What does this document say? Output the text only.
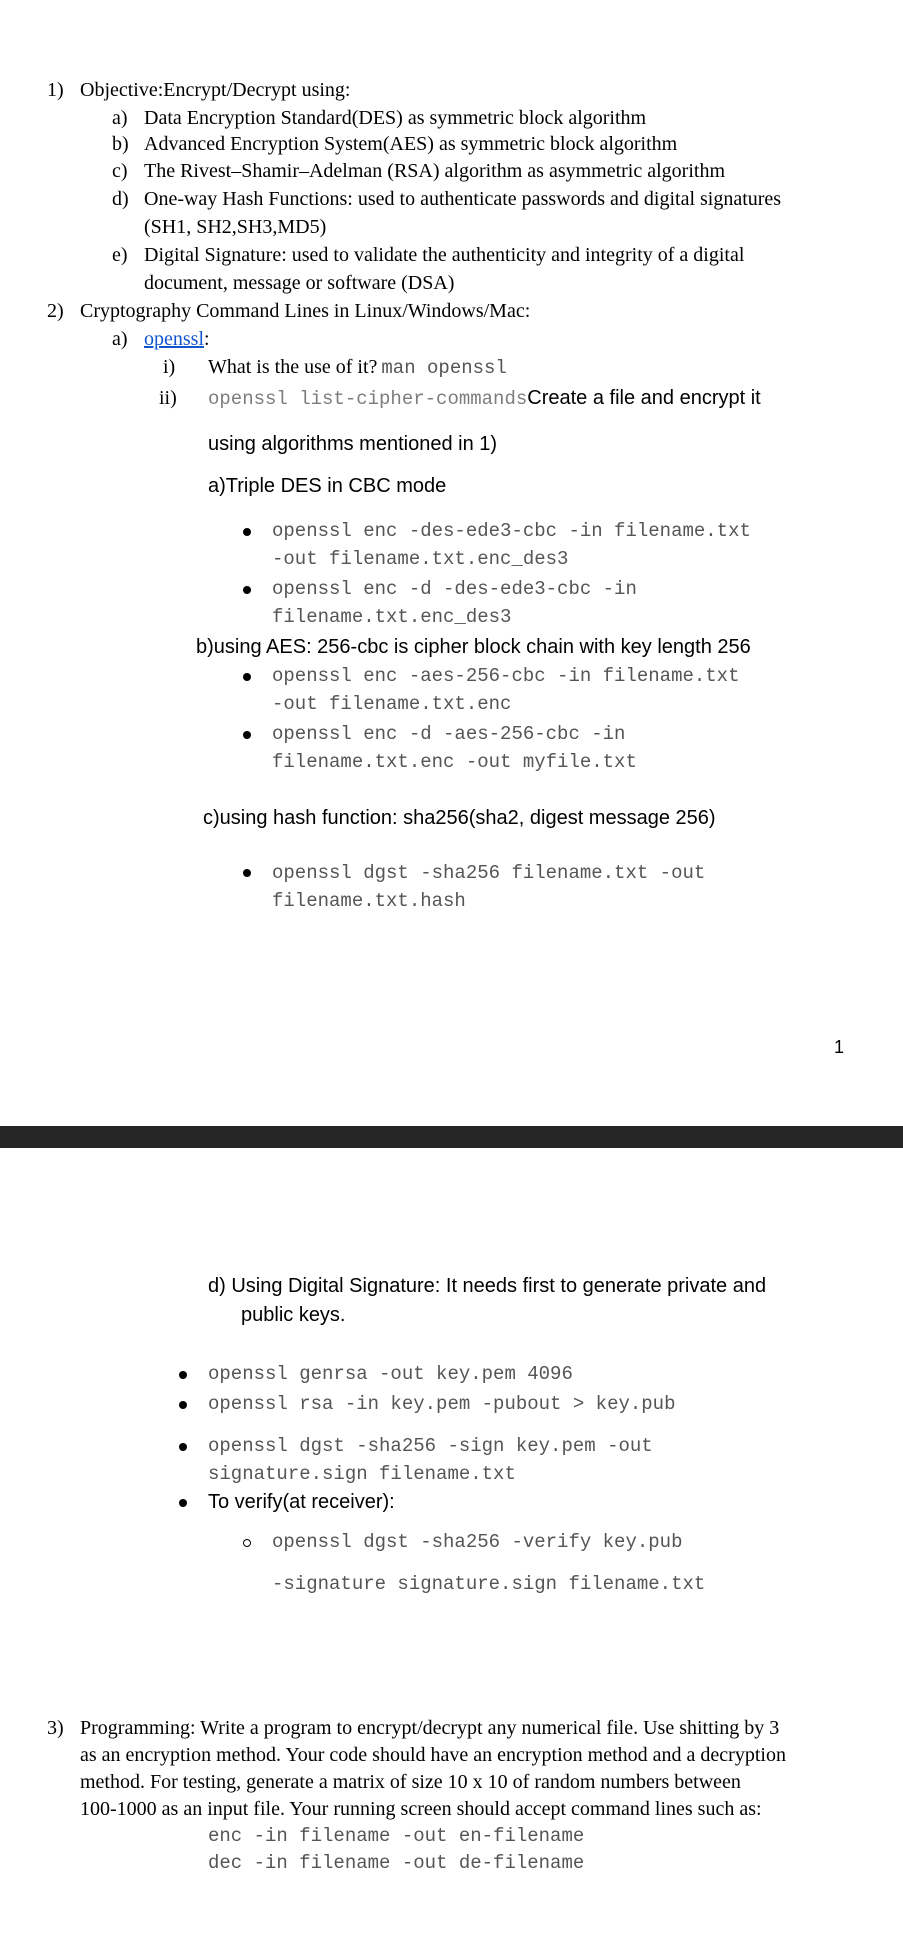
1) Objective:Encrypt/Decrypt using:
a) Data Encryption Standard(DES) as symmetric block algorithm
b) Advanced Encryption System(AES) as symmetric block algorithm
c) The Rivest–Shamir–Adelman (RSA) algorithm as asymmetric algorithm
d) One-way Hash Functions: used to authenticate passwords and digital signatures
(SH1, SH2,SH3,MD5)
e) Digital Signature: used to validate the authenticity and integrity of a digital
document, message or software (DSA)
2) Cryptography Command Lines in Linux/Windows/Mac:
a) openssl:
i) What is the use of it? man openssl
ii) openssl list-cipher-commandsCreate a file and encrypt it
using algorithms mentioned in 1)
a)Triple DES in CBC mode
openssl enc -des-ede3-cbc -in filename.txt
-out filename.txt.enc_des3
openssl enc -d -des-ede3-cbc -in
filename.txt.enc_des3
b)using AES: 256-cbc is cipher block chain with key length 256
openssl enc -aes-256-cbc -in filename.txt
-out filename.txt.enc
openssl enc -d -aes-256-cbc -in
filename.txt.enc -out myfile.txt
c)using hash function: sha256(sha2, digest message 256)
openssl dgst -sha256 filename.txt -out
filename.txt.hash
1
d) Using Digital Signature: It needs first to generate private and
public keys.
openssl genrsa -out key.pem 4096
openssl rsa -in key.pem -pubout > key.pub
openssl dgst -sha256 -sign key.pem -out
signature.sign filename.txt
To verify(at receiver):
openssl dgst -sha256 -verify key.pub
-signature signature.sign filename.txt
3) Programming: Write a program to encrypt/decrypt any numerical file. Use shitting by 3
as an encryption method. Your code should have an encryption method and a decryption
method. For testing, generate a matrix of size 10 x 10 of random numbers between
100-1000 as an input file. Your running screen should accept command lines such as:
enc -in filename -out en-filename
dec -in filename -out de-filename
